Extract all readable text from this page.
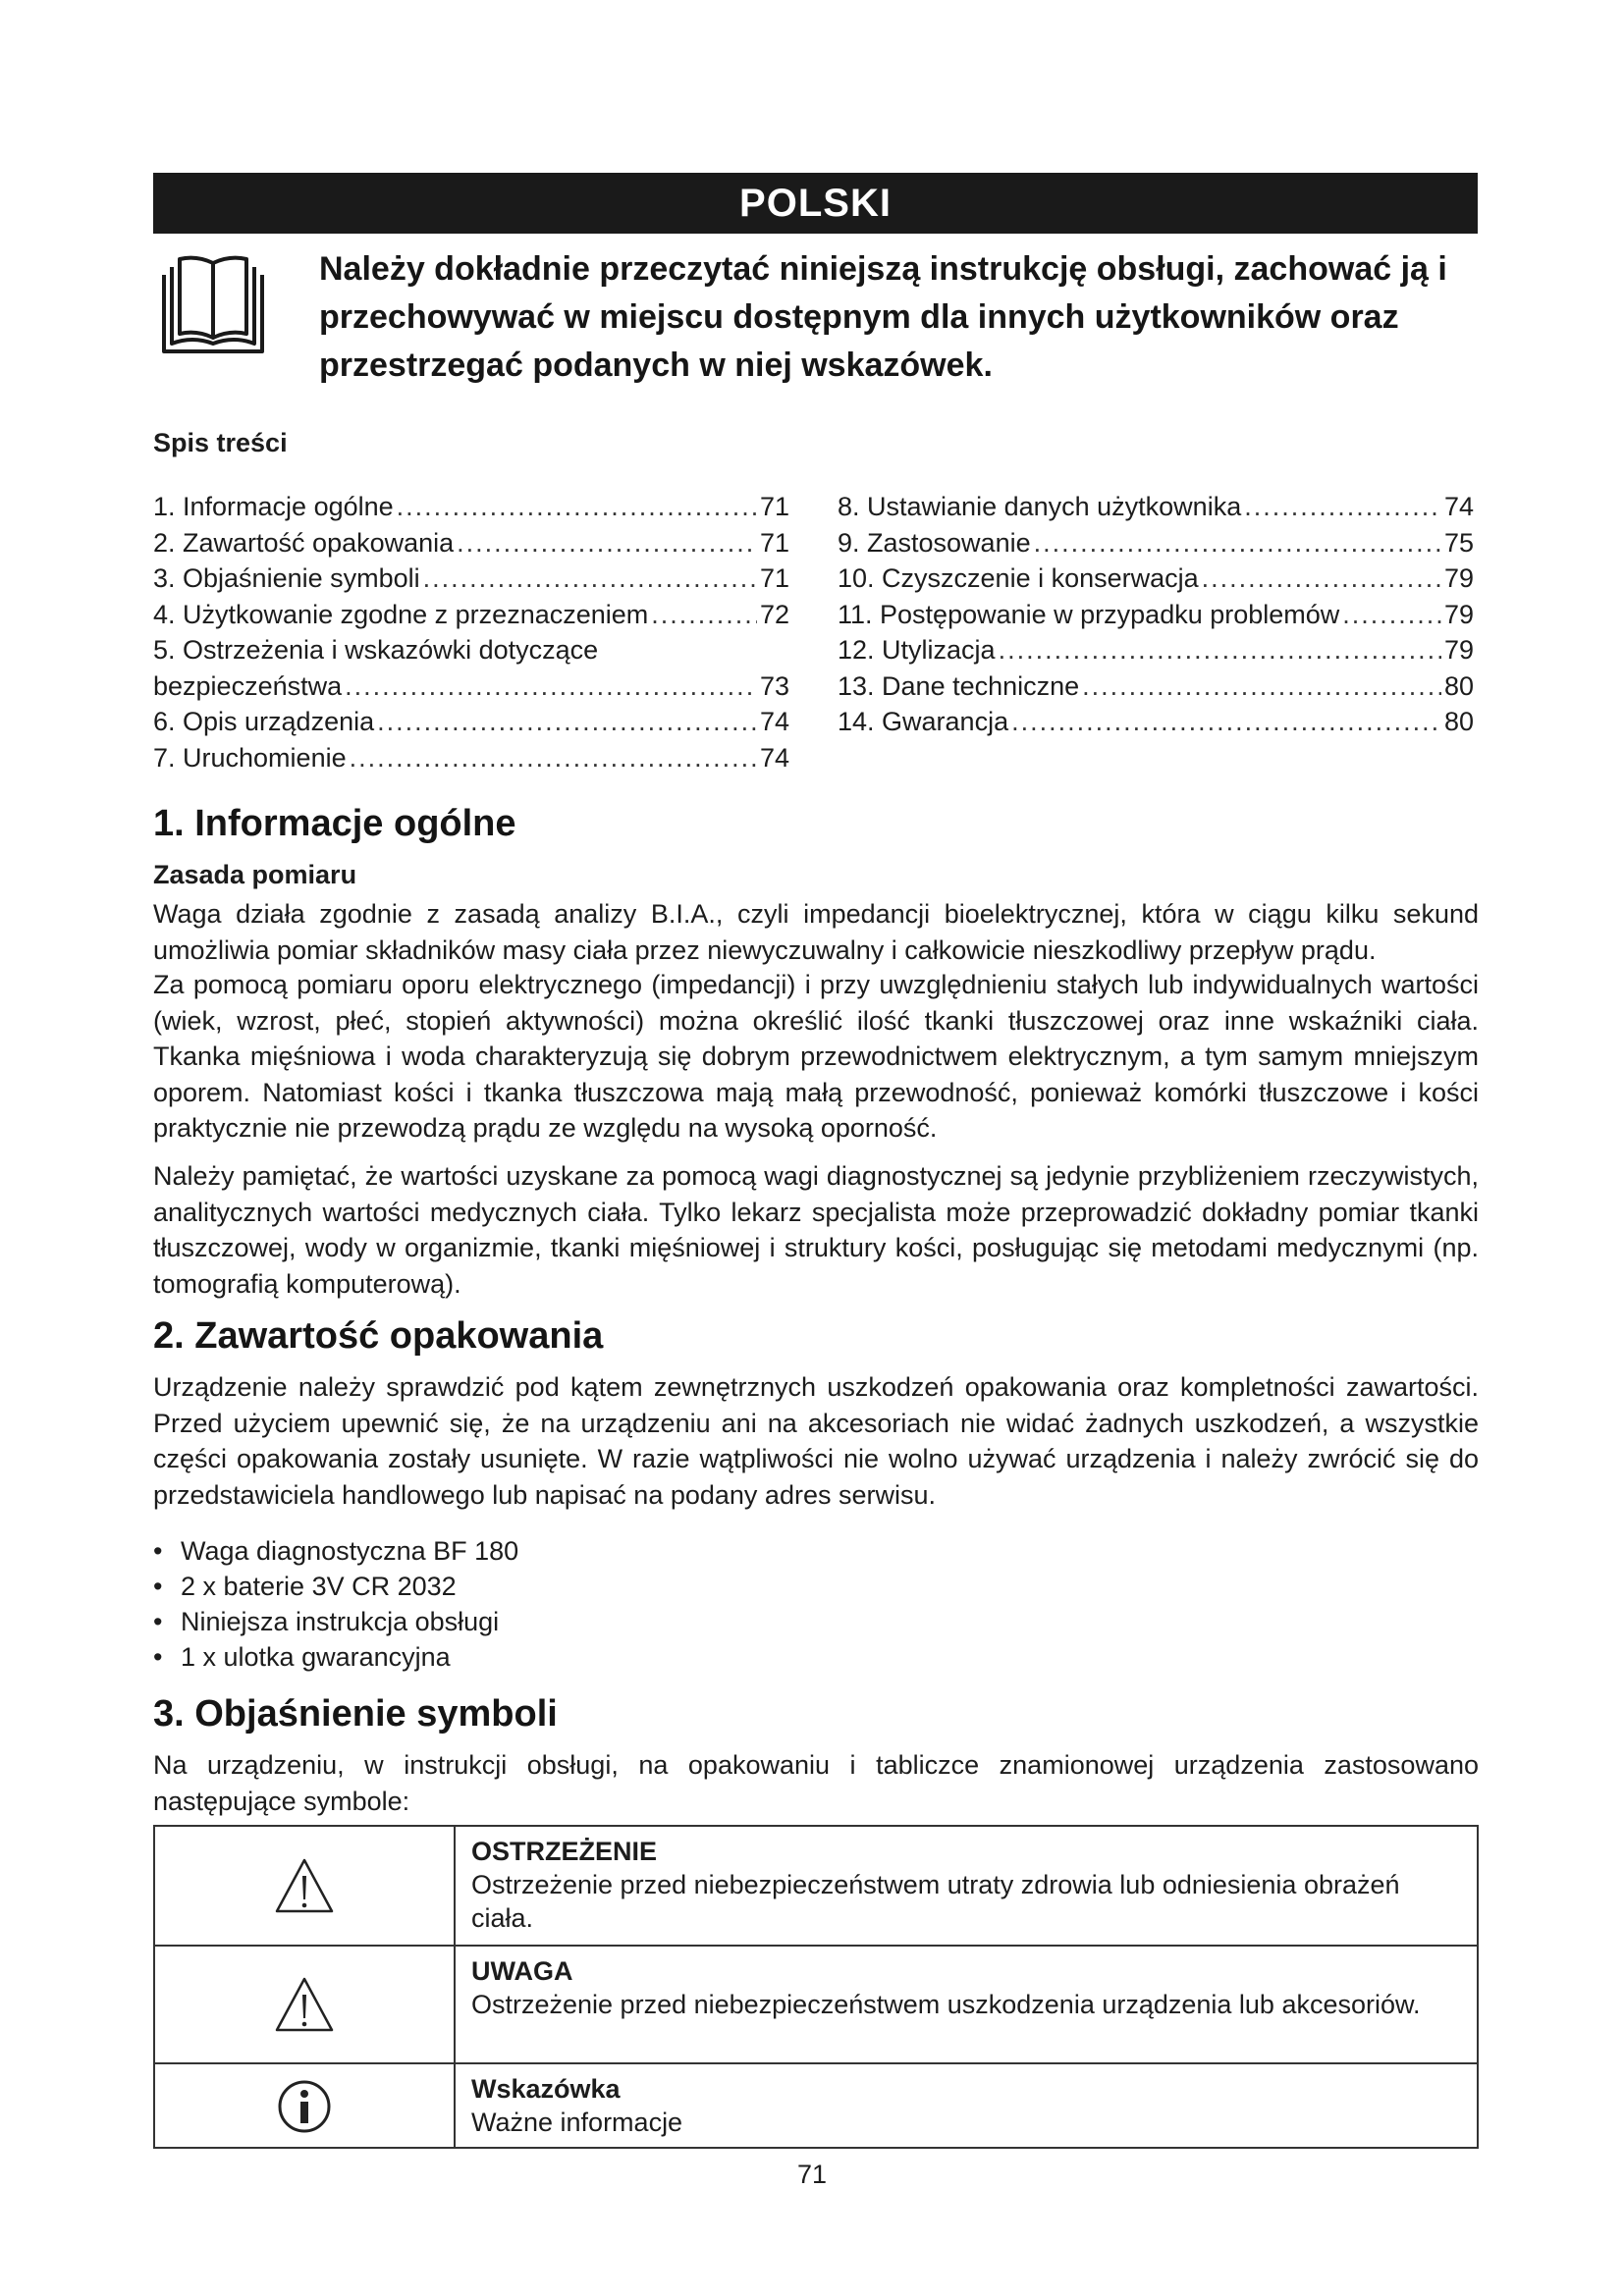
POLSKI
Należy dokładnie przeczytać niniejszą instrukcję obsługi, zachować ją i przechowywać w miejscu dostępnym dla innych użytkowników oraz przestrzegać podanych w niej wskazówek.
Spis treści
1. Informacje ogólne .....	71
2. Zawartość opakowania .....	71
3. Objaśnienie symboli .....	71
4. Użytkowanie zgodne z przeznaczeniem .....	72
5. Ostrzeżenia i wskazówki dotyczące
bezpieczeństwa .....	73
6. Opis urządzenia .....	74
7. Uruchomienie .....	74
8. Ustawianie danych użytkownika .....	74
9. Zastosowanie .....	75
10. Czyszczenie i konserwacja .....	79
11. Postępowanie w przypadku problemów .....	79
12. Utylizacja .....	79
13. Dane techniczne .....	80
14. Gwarancja .....	80
1. Informacje ogólne
Zasada pomiaru

Waga działa zgodnie z zasadą analizy B.I.A., czyli impedancji bioelektrycznej, która w ciągu kilku sekund umożliwia pomiar składników masy ciała przez niewyczuwalny i całkowicie nieszkodliwy przepływ prądu.

Za pomocą pomiaru oporu elektrycznego (impedancji) i przy uwzględnieniu stałych lub indywidualnych wartości (wiek, wzrost, płeć, stopień aktywności) można określić ilość tkanki tłuszczowej oraz inne wskaźniki ciała. Tkanka mięśniowa i woda charakteryzują się dobrym przewodnictwem elektrycznym, a tym samym mniejszym oporem. Natomiast kości i tkanka tłuszczowa mają małą przewodność, ponieważ komórki tłuszczowe i kości praktycznie nie przewodzą prądu ze względu na wysoką oporność.

Należy pamiętać, że wartości uzyskane za pomocą wagi diagnostycznej są jedynie przybliżeniem rzeczywistych, analitycznych wartości medycznych ciała. Tylko lekarz specjalista może przeprowadzić dokładny pomiar tkanki tłuszczowej, wody w organizmie, tkanki mięśniowej i struktury kości, posługując się metodami medycznymi (np. tomografią komputerową).

2. Zawartość opakowania

Urządzenie należy sprawdzić pod kątem zewnętrznych uszkodzeń opakowania oraz kompletności zawartości. Przed użyciem upewnić się, że na urządzeniu ani na akcesoriach nie widać żadnych uszkodzeń, a wszystkie części opakowania zostały usunięte. W razie wątpliwości nie wolno używać urządzenia i należy zwrócić się do przedstawiciela handlowego lub napisać na podany adres serwisu.

• Waga diagnostyczna BF 180
• 2 x baterie 3V CR 2032
• Niniejsza instrukcja obsługi
• 1 x ulotka gwarancyjna
3. Objaśnienie symboli

Na urządzeniu, w instrukcji obsługi, na opakowaniu i tabliczce znamionowej urządzenia zastosowano następujące symbole:

OSTRZEŻENIE
Ostrzeżenie przed niebezpieczeństwem utraty zdrowia lub odniesienia obrażeń ciała.
UWAGA
Ostrzeżenie przed niebezpieczeństwem uszkodzenia urządzenia lub akcesoriów.
Wskazówka
Ważne informacje
71
